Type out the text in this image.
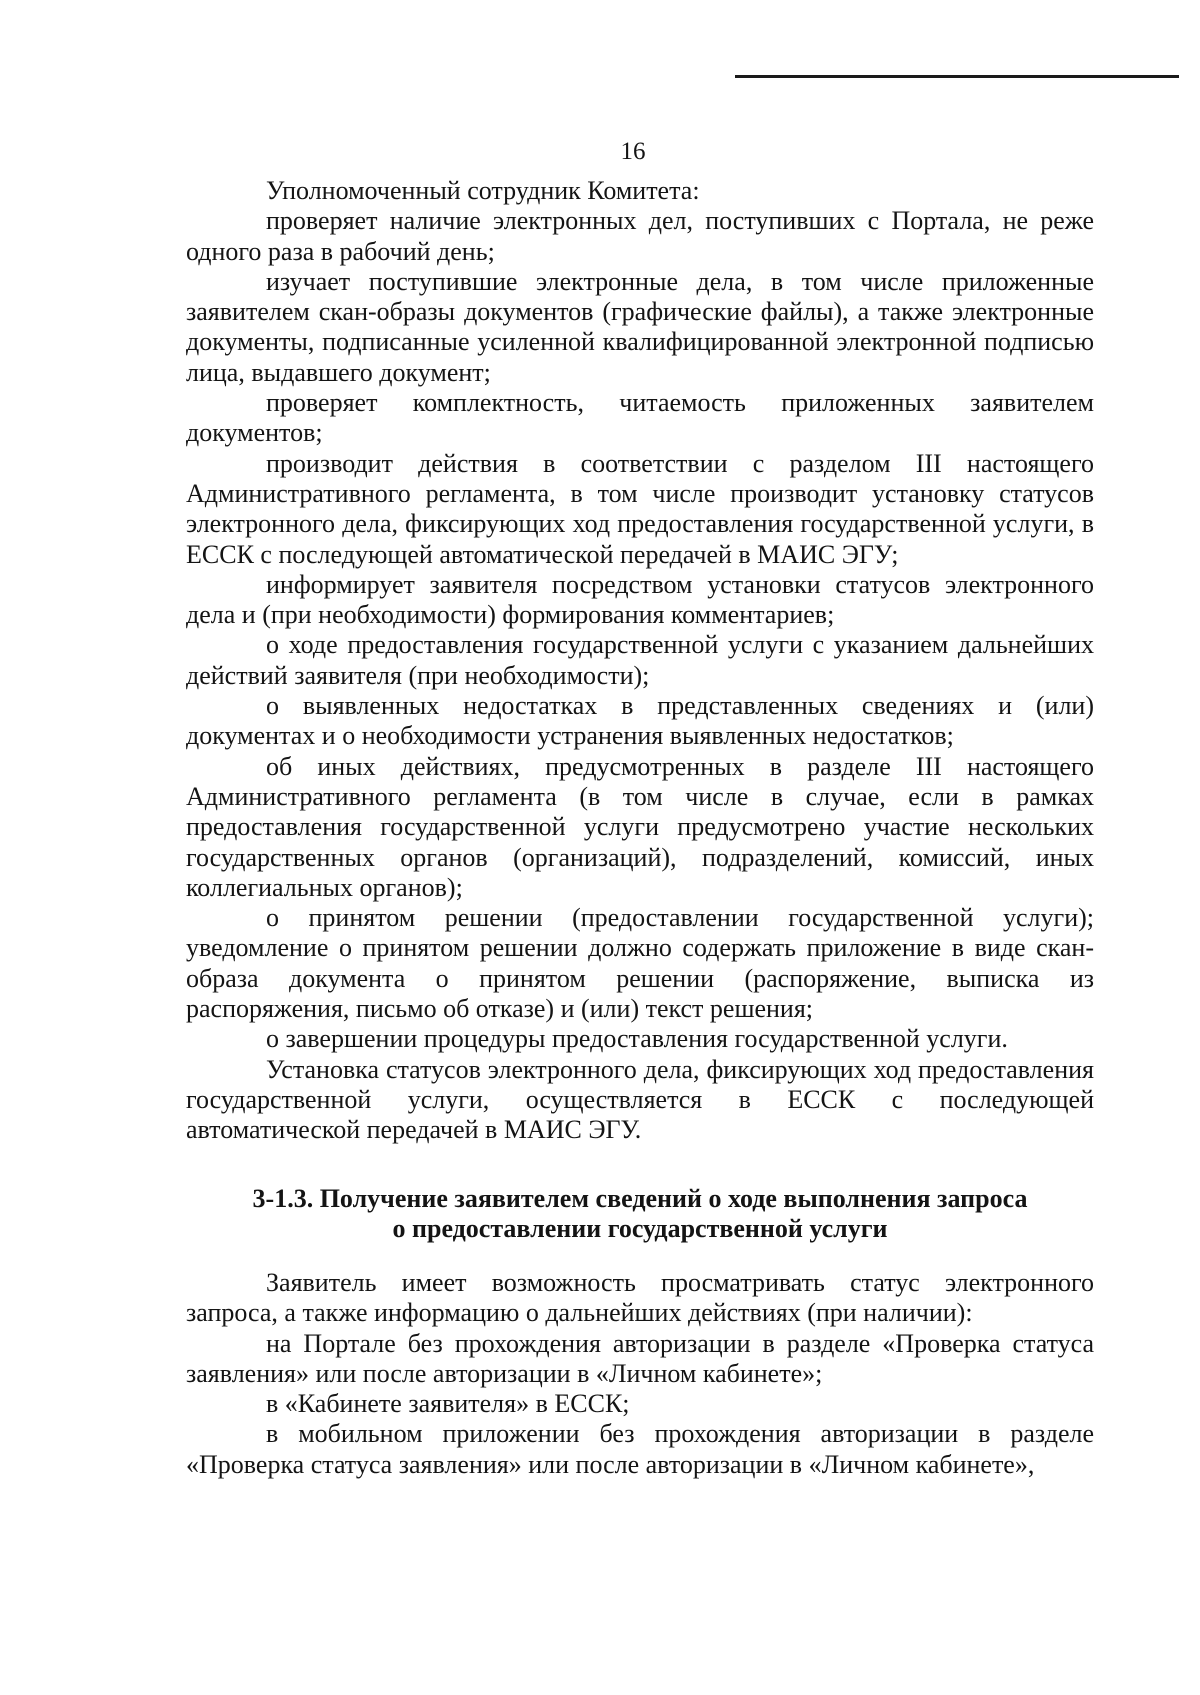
16

Уполномоченный сотрудник Комитета:

проверяет наличие электронных дел, поступивших с Портала, не реже одного раза в рабочий день;

изучает поступившие электронные дела, в том числе приложенные заявителем скан-образы документов (графические файлы), а также электронные документы, подписанные усиленной квалифицированной электронной подписью лица, выдавшего документ;

проверяет комплектность, читаемость приложенных заявителем документов;

производит действия в соответствии с разделом III настоящего Административного регламента, в том числе производит установку статусов электронного дела, фиксирующих ход предоставления государственной услуги, в ЕССК с последующей автоматической передачей в МАИС ЭГУ;

информирует заявителя посредством установки статусов электронного дела и (при необходимости) формирования комментариев;

о ходе предоставления государственной услуги с указанием дальнейших действий заявителя (при необходимости);

о выявленных недостатках в представленных сведениях и (или) документах и о необходимости устранения выявленных недостатков;

об иных действиях, предусмотренных в разделе III настоящего Административного регламента (в том числе в случае, если в рамках предоставления государственной услуги предусмотрено участие нескольких государственных органов (организаций), подразделений, комиссий, иных коллегиальных органов);

о принятом решении (предоставлении государственной услуги); уведомление о принятом решении должно содержать приложение в виде скан-образа документа о принятом решении (распоряжение, выписка из распоряжения, письмо об отказе) и (или) текст решения;

о завершении процедуры предоставления государственной услуги.

Установка статусов электронного дела, фиксирующих ход предоставления государственной услуги, осуществляется в ЕССК с последующей автоматической передачей в МАИС ЭГУ.

3-1.3. Получение заявителем сведений о ходе выполнения запроса
о предоставлении государственной услуги

Заявитель имеет возможность просматривать статус электронного запроса, а также информацию о дальнейших действиях (при наличии):

на Портале без прохождения авторизации в разделе «Проверка статуса заявления» или после авторизации в «Личном кабинете»;

в «Кабинете заявителя» в ЕССК;

в мобильном приложении без прохождения авторизации в разделе «Проверка статуса заявления» или после авторизации в «Личном кабинете»,
